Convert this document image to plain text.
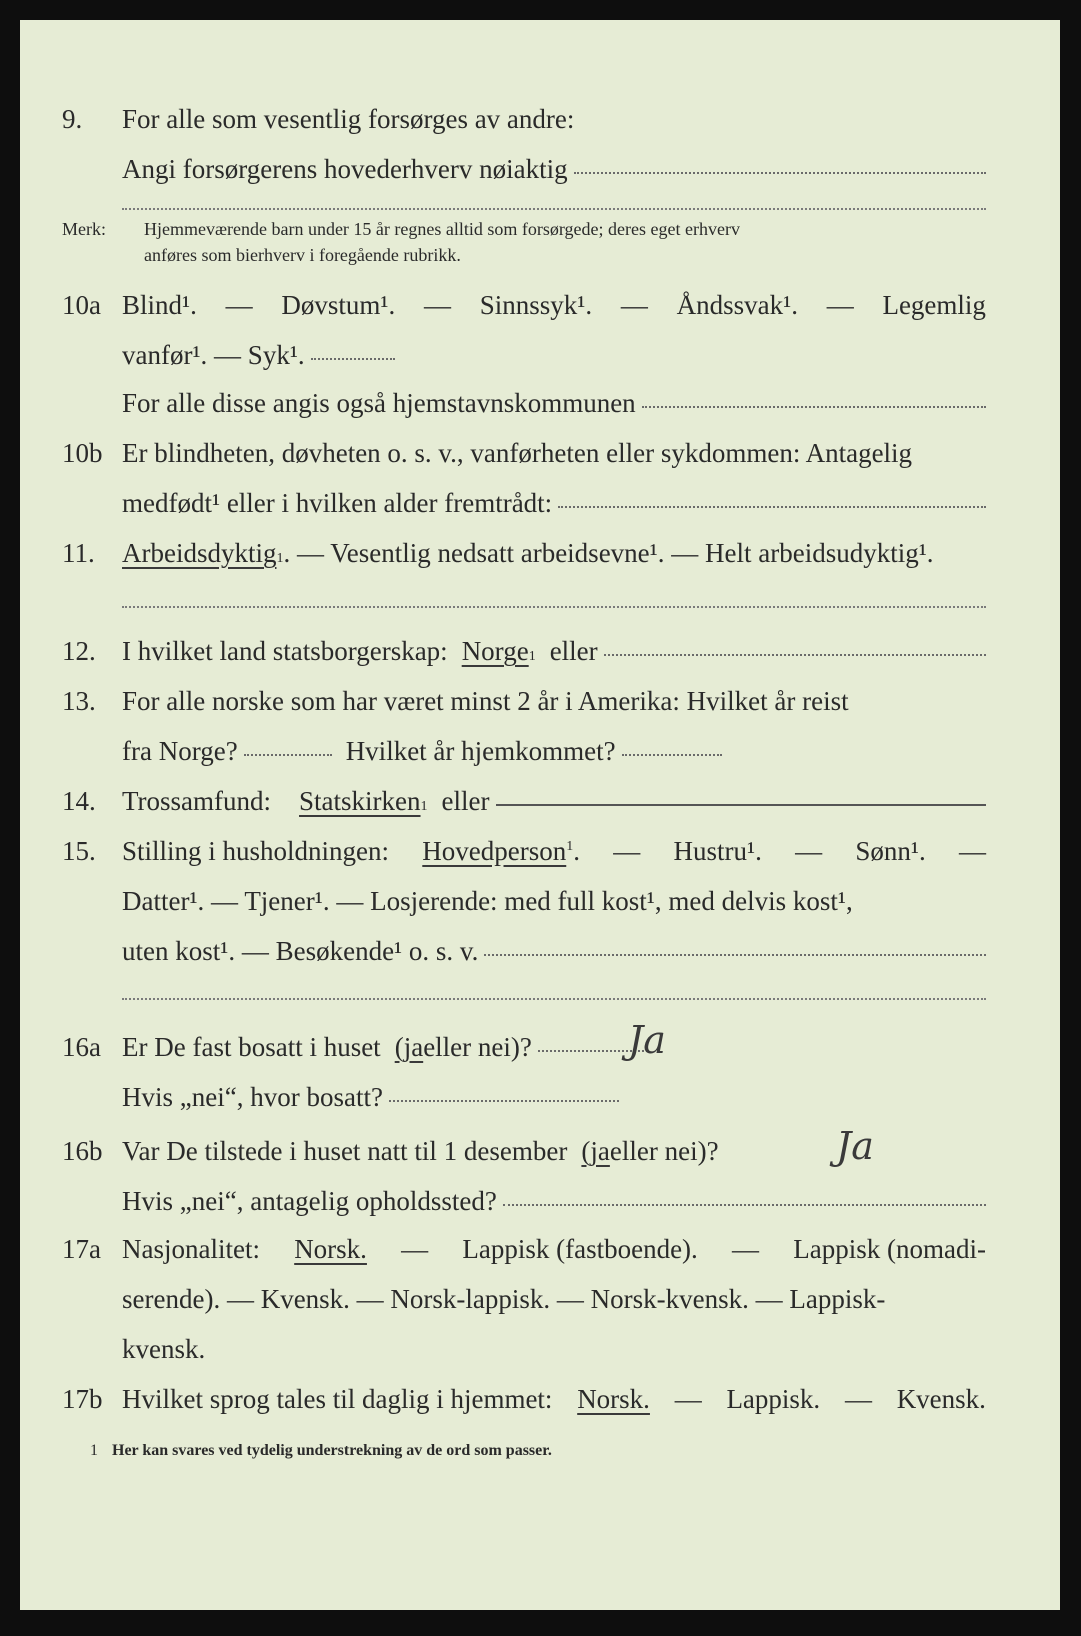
9.	For alle som vesentlig forsørges av andre:
Angi forsørgerens hovederhverv nøiaktig
Merk: Hjemmeværende barn under 15 år regnes alltid som forsørgede; deres eget erhverv
anføres som bierhverv i foregående rubrikk.
10a Blind¹. — Døvstum¹. — Sinnssyk¹. — Åndssvak¹. — Legemlig
vanfør¹. — Syk¹.
For alle disse angis også hjemstavnskommunen
10b Er blindheten, døvheten o. s. v., vanførheten eller sykdommen: Antagelig
medfødt¹ eller i hvilken alder fremtrådt:
11.	Arbeidsdyktig 1 . — Vesentlig nedsatt arbeidsevne¹. — Helt arbeidsudyktig¹.
12. I hvilket land statsborgerskap: Norge 1 eller
13. For alle norske som har været minst 2 år i Amerika: Hvilket år reist
fra Norge?	Hvilket år hjemkommet?
14. Trossamfund: Statskirken 1 eller
15. Stilling i husholdningen: Hovedperson$^1$. — Hustru¹. — Sønn¹. —
Datter¹. — Tjener¹. — Losjerende: med full kost¹, med delvis kost¹,
uten kost¹. — Besøkende¹ o. s. v.
16a Er De fast bosatt i huset (ja eller nei)?	Ja
Hvis „nei“, hvor bosatt?
16b Var De tilstede i huset natt til 1 desember (ja eller nei)?	Ja
Hvis „nei“, antagelig opholdssted?
17a Nasjonalitet: Norsk. — Lappisk (fastboende). — Lappisk (nomadi-
serende). — Kvensk. — Norsk-lappisk. — Norsk-kvensk. — Lappisk-
kvensk.
17b Hvilket sprog tales til daglig i hjemmet: Norsk. — Lappisk. — Kvensk.
1 Her kan svares ved tydelig understrekning av de ord som passer.
